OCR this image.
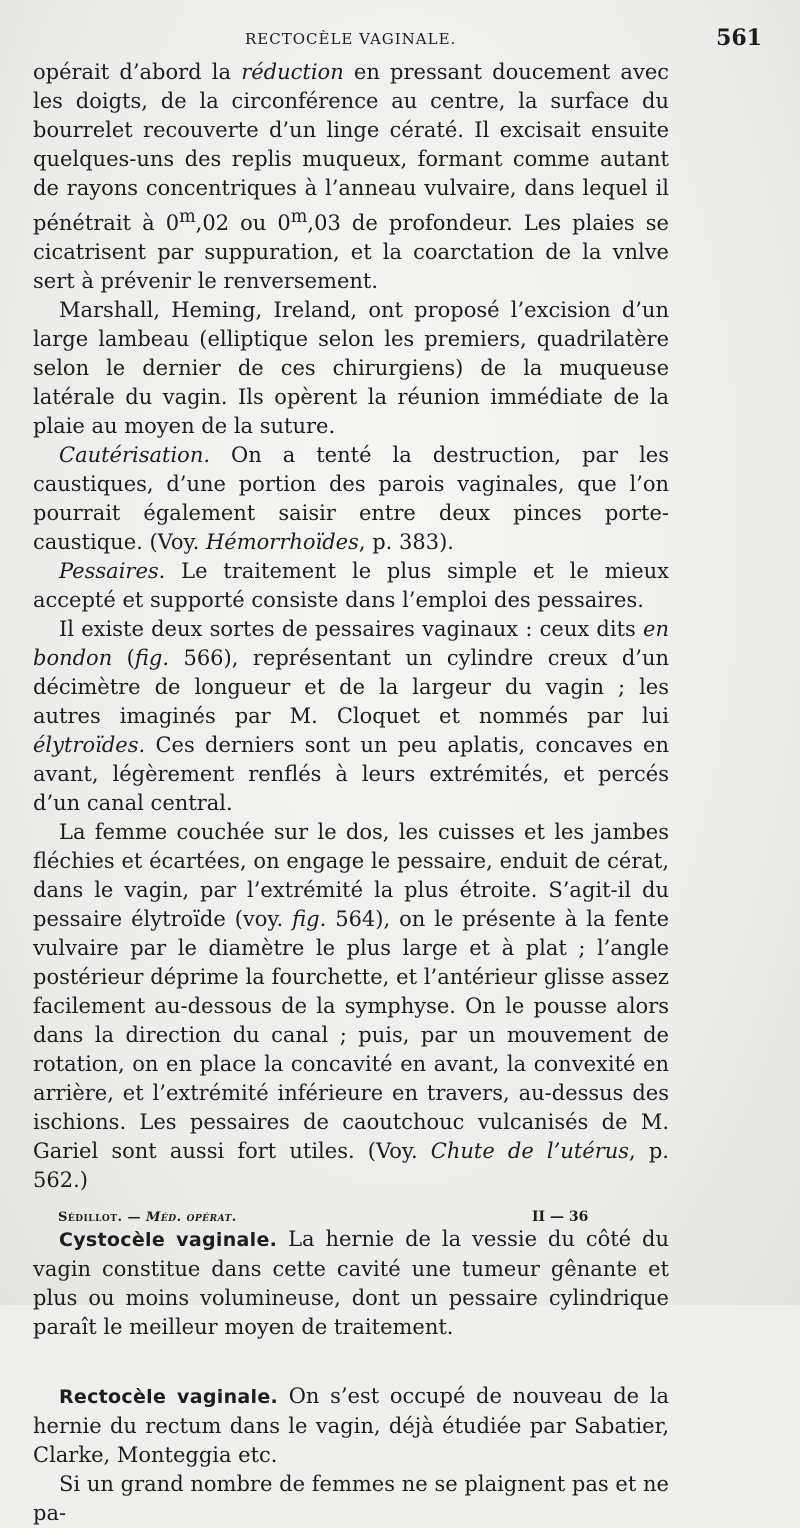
RECTOCÈLE VAGINALE.	561

opérait d’abord la réduction en pressant doucement avec les doigts, de la circonférence au centre, la surface du bourrelet recouverte d’un linge cératé. Il excisait ensuite quelques-uns des replis muqueux, formant comme autant de rayons concentriques à l’anneau vulvaire, dans lequel il pénétrait à 0$^m$,02 ou 0$^m$,03 de profondeur. Les plaies se cicatrisent par suppuration, et la coarctation de la vnlve sert à prévenir le renversement.

Marshall, Heming, Ireland, ont proposé l’excision d’un large lambeau (elliptique selon les premiers, quadrilatère selon le dernier de ces chirurgiens) de la muqueuse latérale du vagin. Ils opèrent la réunion immédiate de la plaie au moyen de la suture.

Cautérisation. On a tenté la destruction, par les caustiques, d’une portion des parois vaginales, que l’on pourrait également saisir entre deux pinces porte-caustique. (Voy. Hémorrhoïdes, p. 383).

Pessaires. Le traitement le plus simple et le mieux accepté et supporté consiste dans l’emploi des pessaires.

Il existe deux sortes de pessaires vaginaux : ceux dits en bondon (fig. 566), représentant un cylindre creux d’un décimètre de longueur et de la largeur du vagin ; les autres imaginés par M. Cloquet et nommés par lui élytroïdes. Ces derniers sont un peu aplatis, concaves en avant, légèrement renflés à leurs extrémités, et percés d’un canal central.

La femme couchée sur le dos, les cuisses et les jambes fléchies et écartées, on engage le pessaire, enduit de cérat, dans le vagin, par l’extrémité la plus étroite. S’agit-il du pessaire élytroïde (voy. fig. 564), on le présente à la fente vulvaire par le diamètre le plus large et à plat ; l’angle postérieur déprime la fourchette, et l’antérieur glisse assez facilement au-dessous de la symphyse. On le pousse alors dans la direction du canal ; puis, par un mouvement de rotation, on en place la concavité en avant, la convexité en arrière, et l’extrémité inférieure en travers, au-dessus des ischions. Les pessaires de caoutchouc vulcanisés de M. Gariel sont aussi fort utiles. (Voy. Chute de l’utérus, p. 562.)

Cystocèle vaginale. La hernie de la vessie du côté du vagin constitue dans cette cavité une tumeur gênante et plus ou moins volumineuse, dont un pessaire cylindrique paraît le meilleur moyen de traitement.

Rectocèle vaginale. On s’est occupé de nouveau de la hernie du rectum dans le vagin, déjà étudiée par Sabatier, Clarke, Monteggia etc.

Si un grand nombre de femmes ne se plaignent pas et ne pa-

Sédillot. — Méd. opérat.	II — 36
